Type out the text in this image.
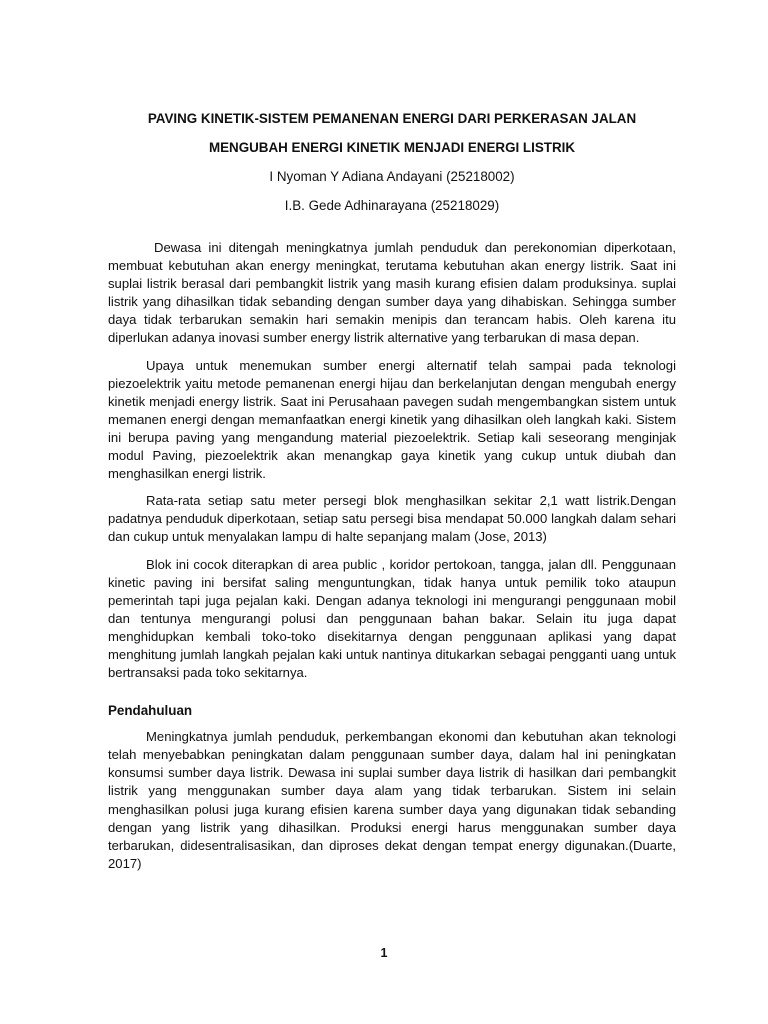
PAVING KINETIK-SISTEM PEMANENAN ENERGI DARI PERKERASAN JALAN
MENGUBAH ENERGI KINETIK MENJADI ENERGI LISTRIK
I Nyoman Y Adiana Andayani (25218002)
I.B. Gede Adhinarayana (25218029)

Dewasa ini ditengah meningkatnya jumlah penduduk dan perekonomian diperkotaan, membuat kebutuhan akan energy meningkat, terutama kebutuhan akan energy listrik. Saat ini suplai listrik berasal dari pembangkit listrik yang masih kurang efisien dalam produksinya. suplai listrik yang dihasilkan tidak sebanding dengan sumber daya yang dihabiskan. Sehingga sumber daya tidak terbarukan semakin hari semakin menipis dan terancam habis. Oleh karena itu diperlukan adanya inovasi sumber energy listrik alternative yang terbarukan di masa depan.

Upaya untuk menemukan sumber energi alternatif telah sampai pada teknologi piezoelektrik yaitu metode pemanenan energi hijau dan berkelanjutan dengan mengubah energy kinetik menjadi energy listrik. Saat ini Perusahaan pavegen sudah mengembangkan sistem untuk memanen energi dengan memanfaatkan energi kinetik yang dihasilkan oleh langkah kaki. Sistem ini berupa paving yang mengandung material piezoelektrik. Setiap kali seseorang menginjak modul Paving, piezoelektrik akan menangkap gaya kinetik yang cukup untuk diubah dan menghasilkan energi listrik.

Rata-rata setiap satu meter persegi blok menghasilkan sekitar 2,1 watt listrik.Dengan padatnya penduduk diperkotaan, setiap satu persegi bisa mendapat 50.000 langkah dalam sehari dan cukup untuk menyalakan lampu di halte sepanjang malam (Jose, 2013)

Blok ini cocok diterapkan di area public , koridor pertokoan, tangga, jalan dll. Penggunaan kinetic paving ini bersifat saling menguntungkan, tidak hanya untuk pemilik toko ataupun pemerintah tapi juga pejalan kaki. Dengan adanya teknologi ini mengurangi penggunaan mobil dan tentunya mengurangi polusi dan penggunaan bahan bakar. Selain itu juga dapat menghidupkan kembali toko-toko disekitarnya dengan penggunaan aplikasi yang dapat menghitung jumlah langkah pejalan kaki untuk nantinya ditukarkan sebagai pengganti uang untuk bertransaksi pada toko sekitarnya.

Pendahuluan

Meningkatnya jumlah penduduk, perkembangan ekonomi dan kebutuhan akan teknologi telah menyebabkan peningkatan dalam penggunaan sumber daya, dalam hal ini peningkatan konsumsi sumber daya listrik. Dewasa ini suplai sumber daya listrik di hasilkan dari pembangkit listrik yang menggunakan sumber daya alam yang tidak terbarukan. Sistem ini selain menghasilkan polusi juga kurang efisien karena sumber daya yang digunakan tidak sebanding dengan yang listrik yang dihasilkan. Produksi energi harus menggunakan sumber daya terbarukan, didesentralisasikan, dan diproses dekat dengan tempat energy digunakan.(Duarte, 2017)

1
